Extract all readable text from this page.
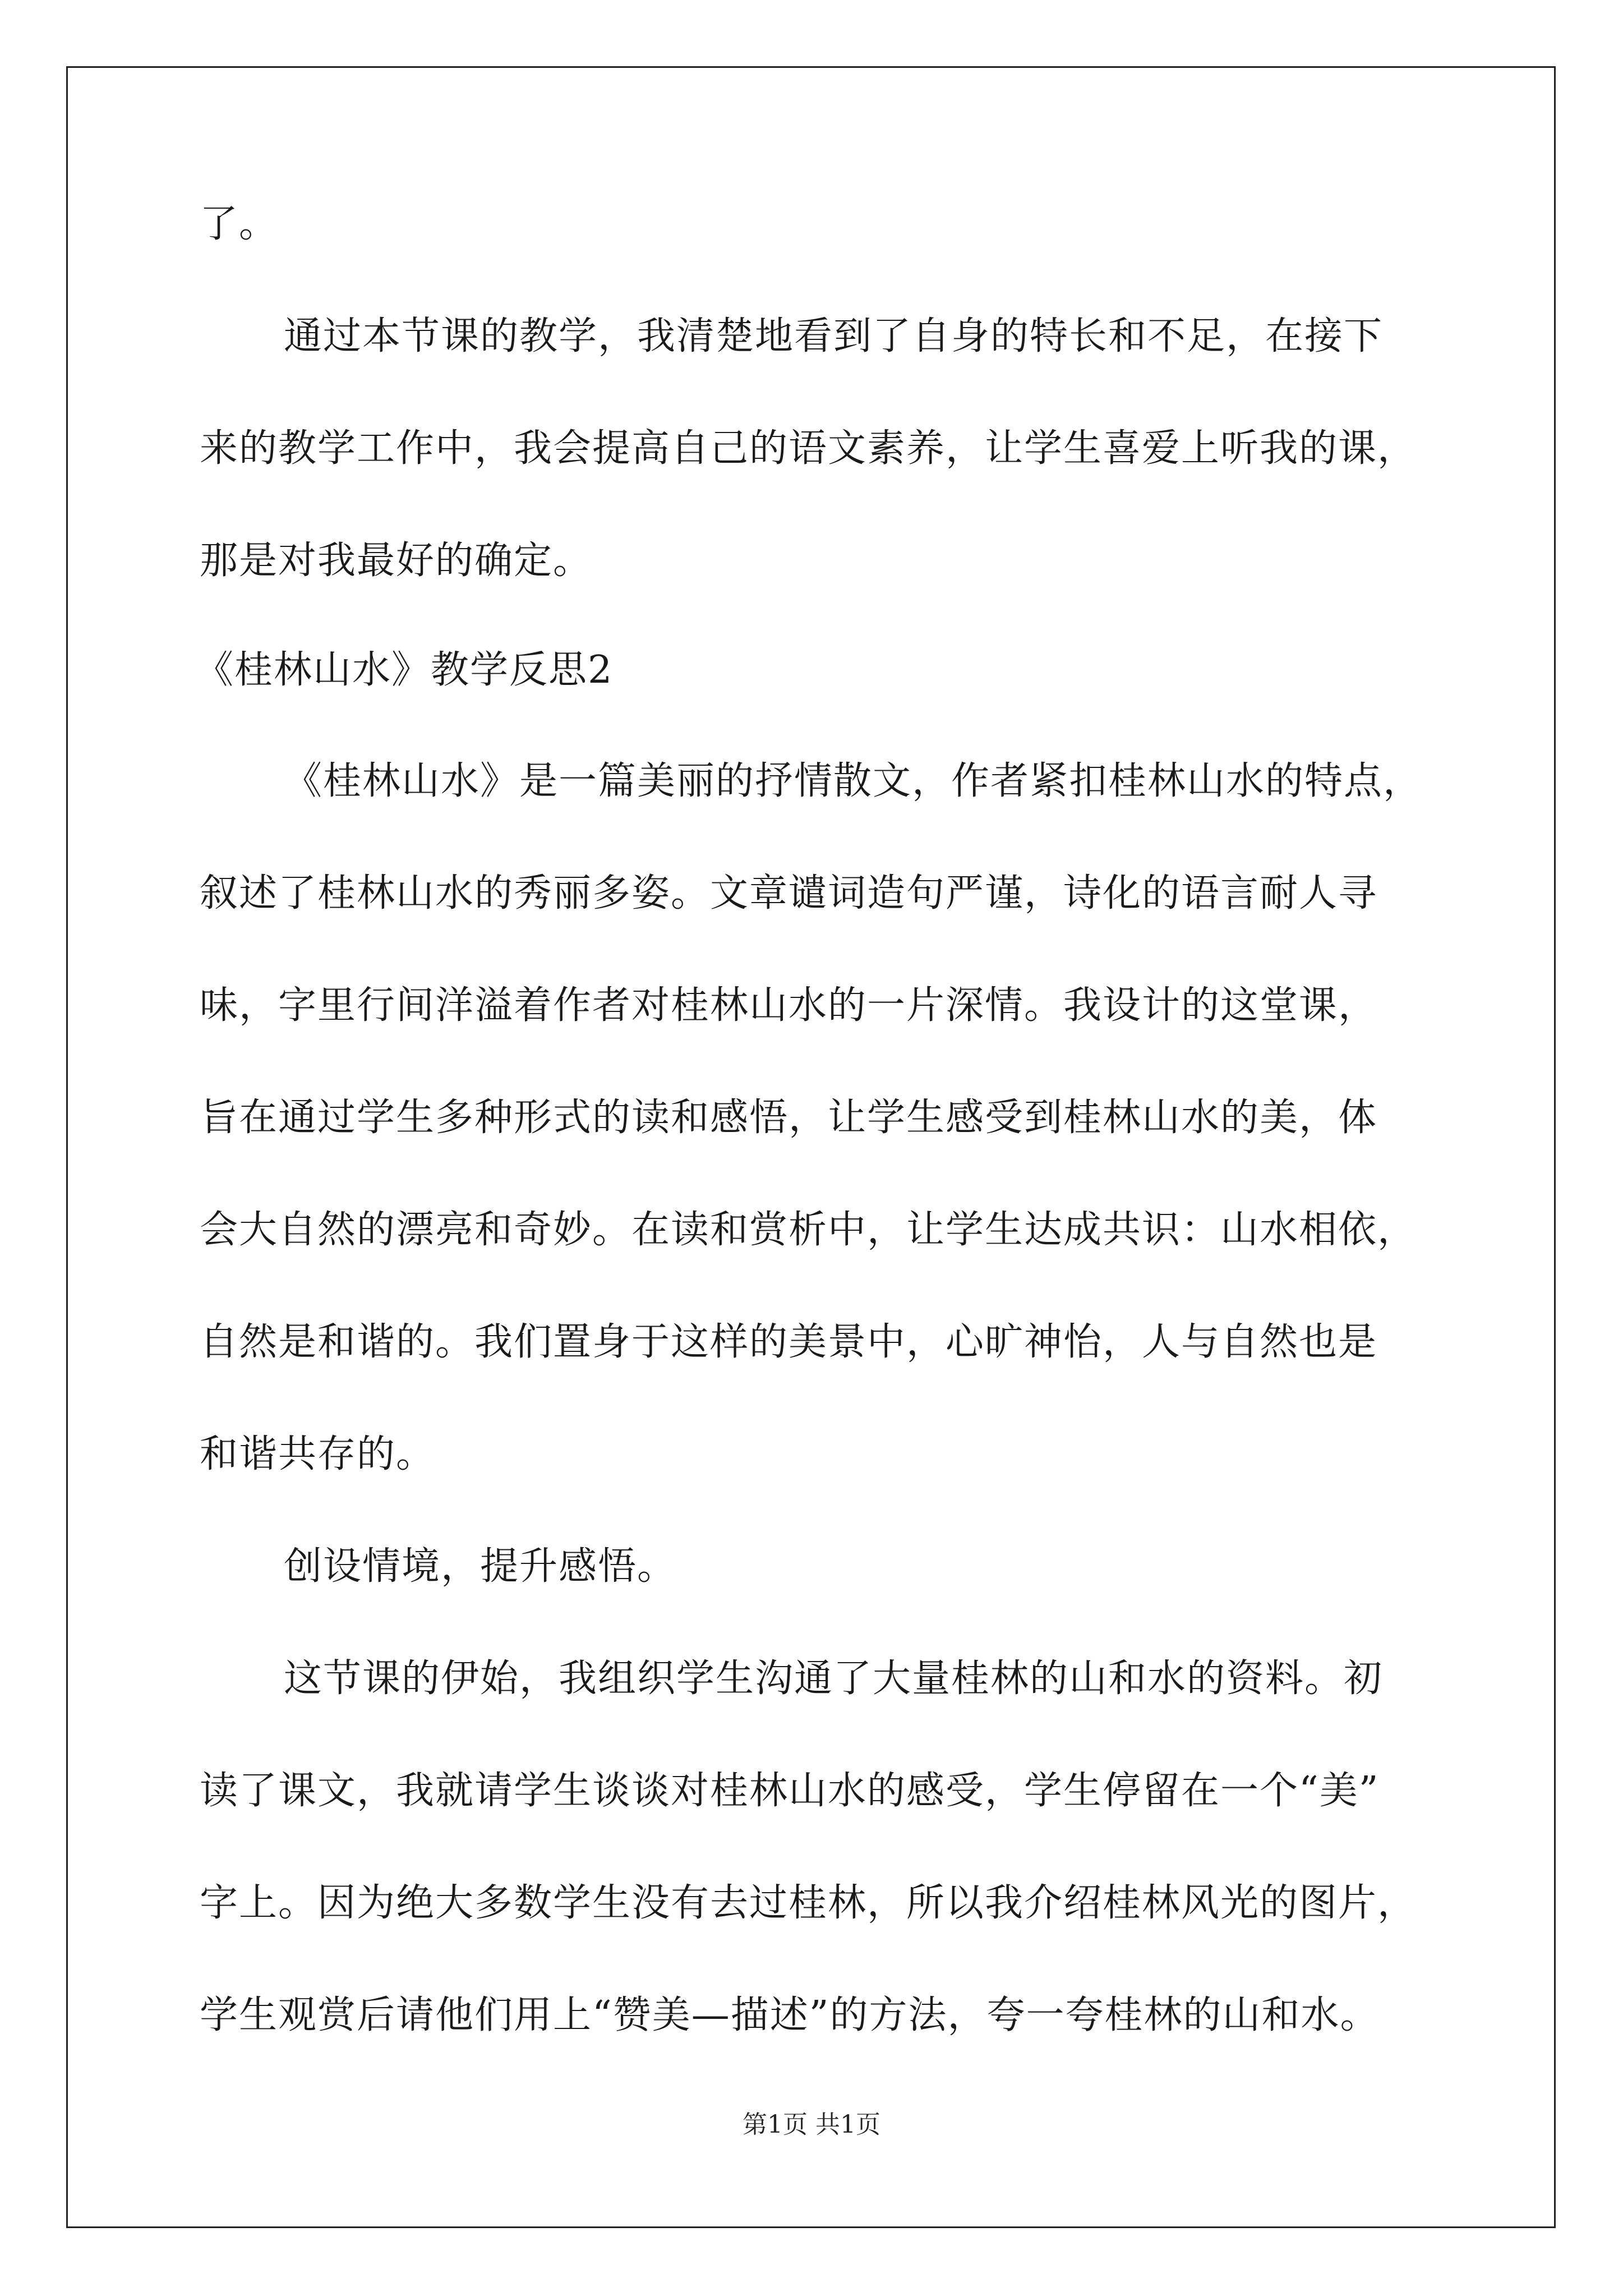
了。
通过本节课的教学，我清楚地看到了自身的特长和不足，在接下
来的教学工作中，我会提高自己的语文素养，让学生喜爱上听我的课，
那是对我最好的确定。
《桂林山水》教学反思2
《桂林山水》是一篇美丽的抒情散文，作者紧扣桂林山水的特点，
叙述了桂林山水的秀丽多姿。文章谴词造句严谨，诗化的语言耐人寻
味，字里行间洋溢着作者对桂林山水的一片深情。我设计的这堂课，
旨在通过学生多种形式的读和感悟，让学生感受到桂林山水的美，体
会大自然的漂亮和奇妙。在读和赏析中，让学生达成共识：山水相依，
自然是和谐的。我们置身于这样的美景中，心旷神怡，人与自然也是
和谐共存的。
创设情境，提升感悟。
这节课的伊始，我组织学生沟通了大量桂林的山和水的资料。初
读了课文，我就请学生谈谈对桂林山水的感受，学生停留在一个“美”
字上。因为绝大多数学生没有去过桂林，所以我介绍桂林风光的图片，
学生观赏后请他们用上“赞美—描述”的方法，夸一夸桂林的山和水。
第1页 共1页
